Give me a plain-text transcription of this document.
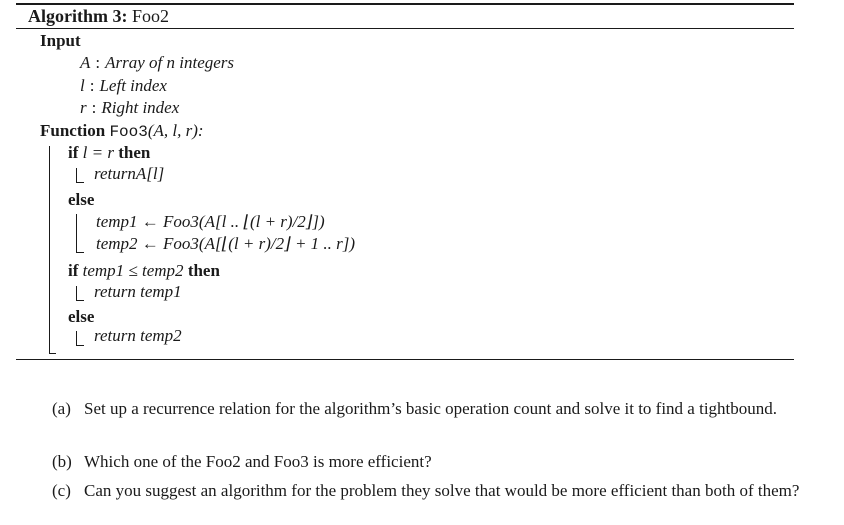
Algorithm 3: Foo2
Input
A : Array of n integers
l : Left index
r : Right index
Function Foo3(A, l, r):
if l = r then
returnA[l]
else
temp1 ← Foo3(A[l .. ⌊(l + r)/2⌋])
temp2 ← Foo3(A[⌊(l + r)/2⌋ + 1 .. r])
if temp1 ≤ temp2 then
return temp1
else
return temp2
(a) Set up a recurrence relation for the algorithm’s basic operation count and solve it to find a tightbound.
(b) Which one of the Foo2 and Foo3 is more efficient?
(c) Can you suggest an algorithm for the problem they solve that would be more efficient than both of them?
